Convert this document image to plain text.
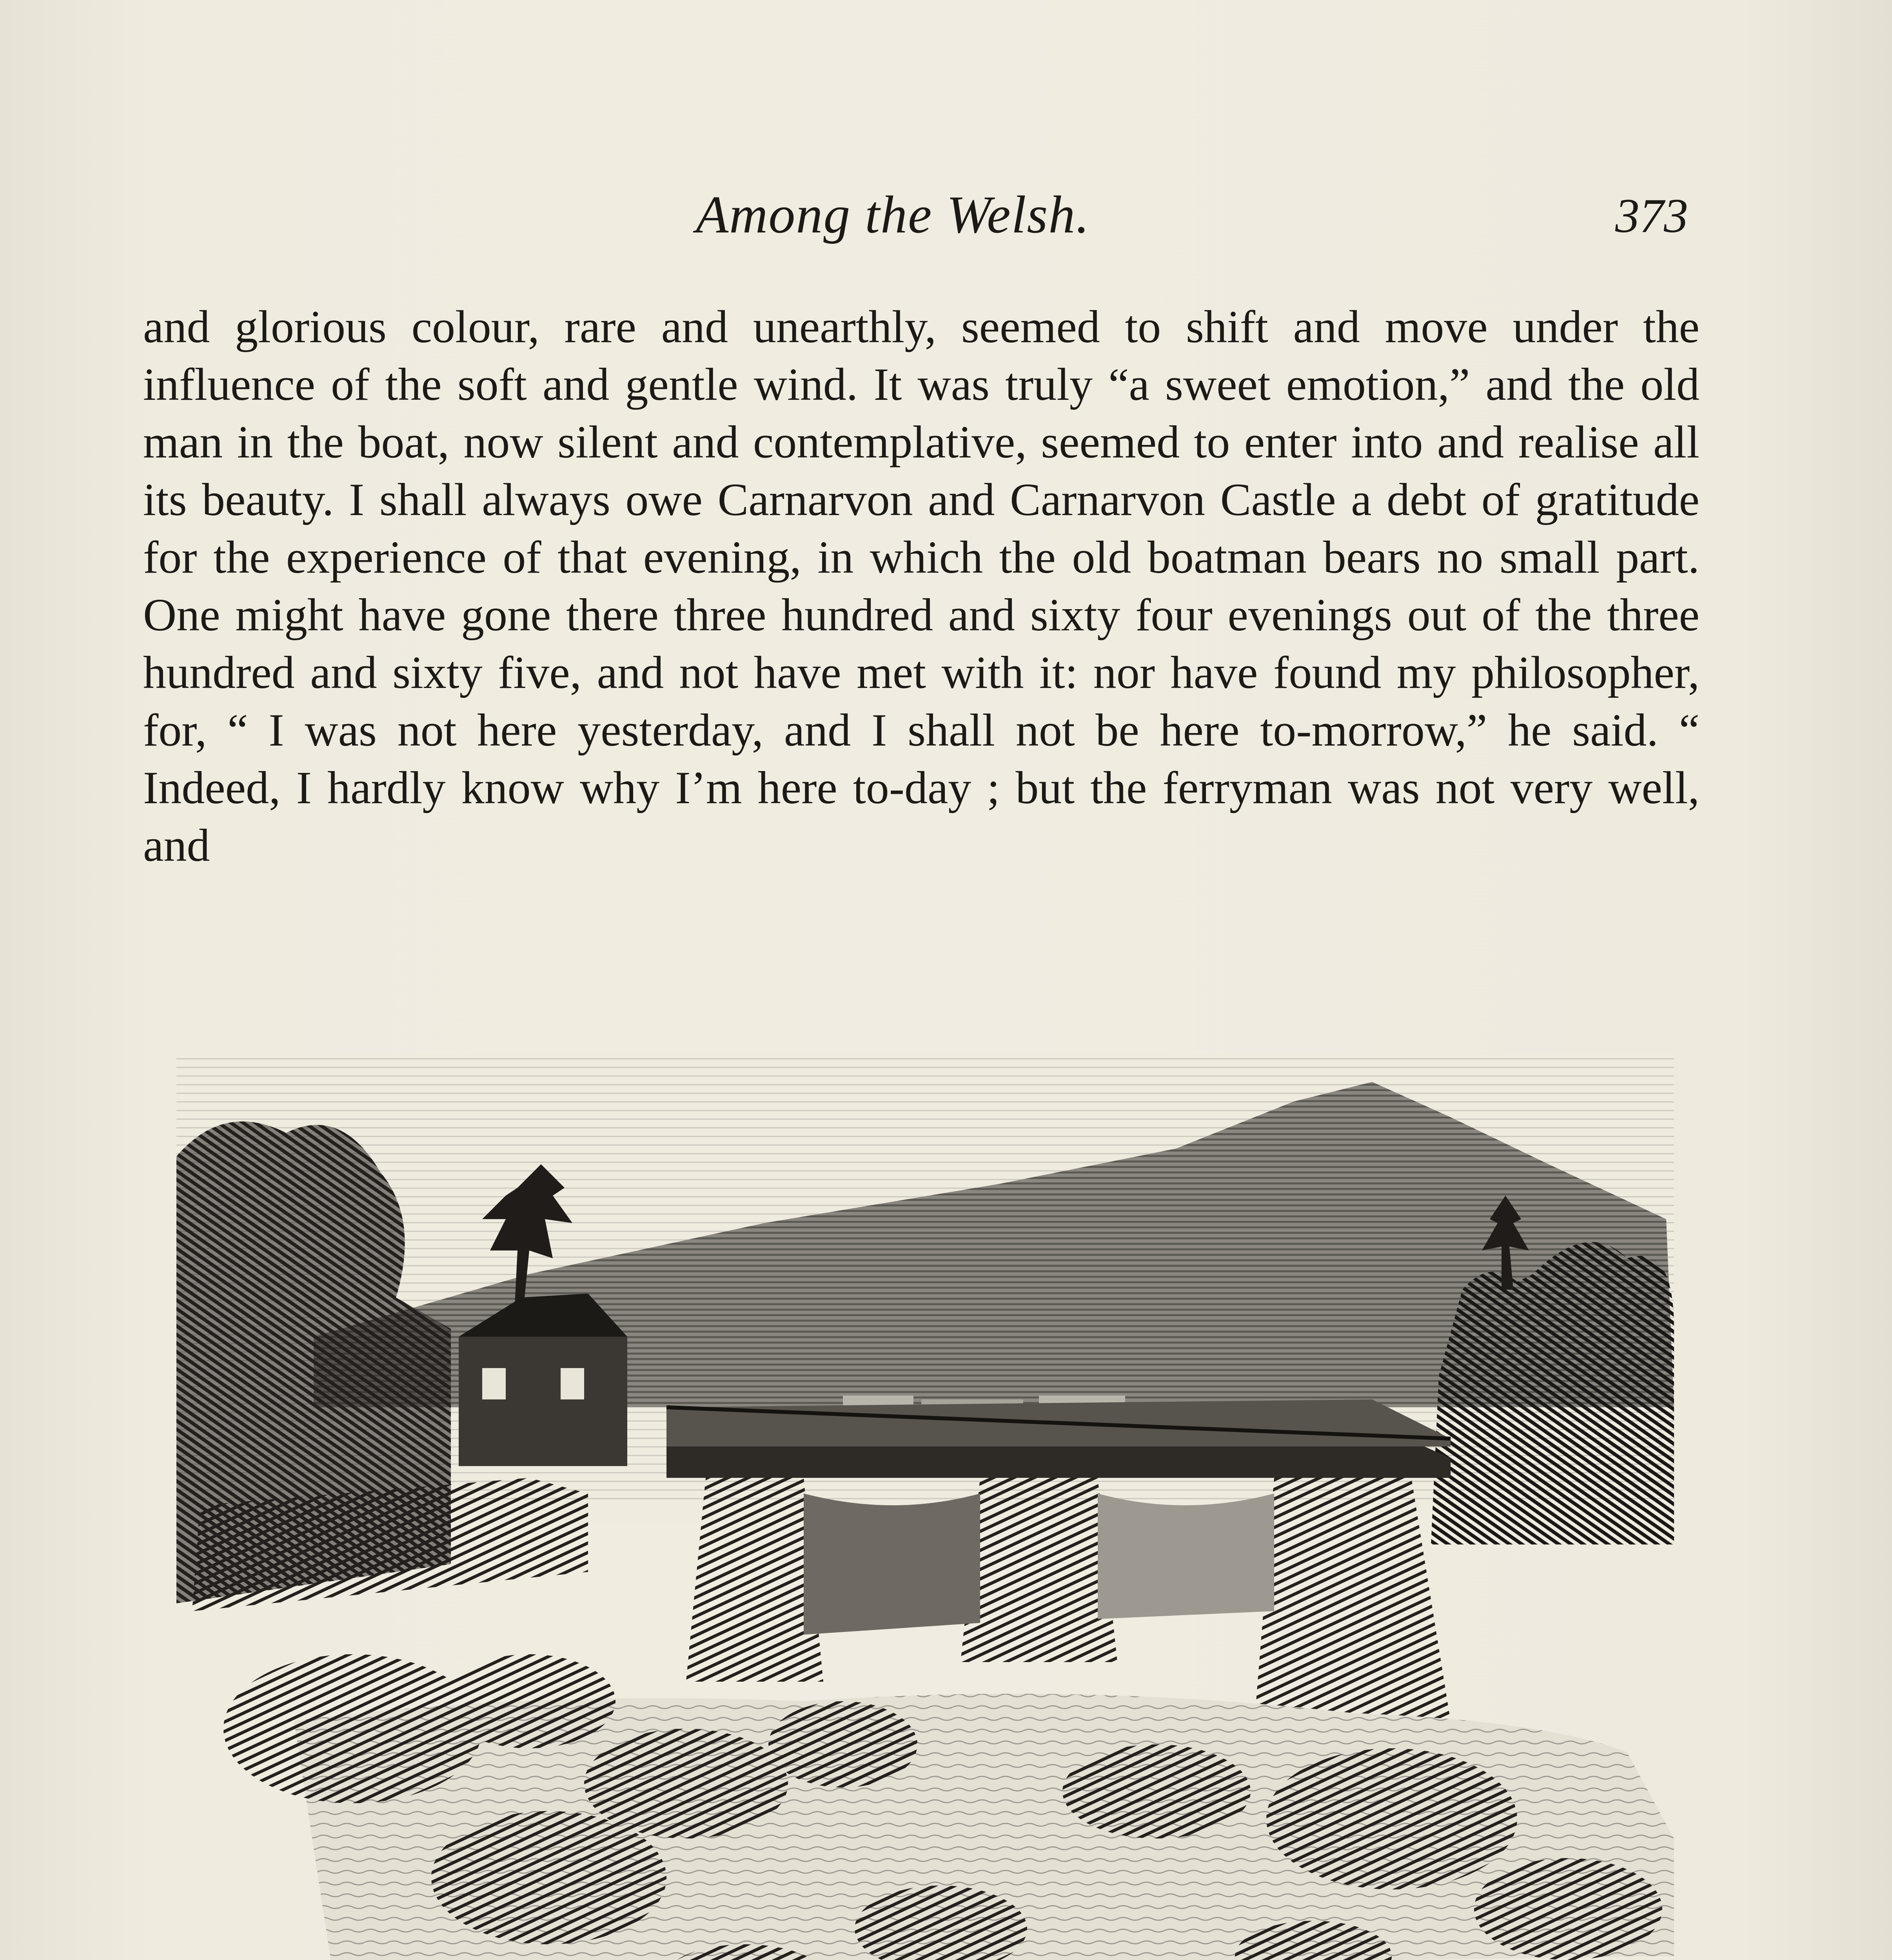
Among the Welsh.	373

and glorious colour, rare and unearthly, seemed to shift and move under the influence of the soft and gentle wind. It was truly “a sweet emotion,” and the old man in the boat, now silent and contemplative, seemed to enter into and realise all its beauty. I shall always owe Carnarvon and Carnarvon Castle a debt of gratitude for the experience of that evening, in which the old boatman bears no small part. One might have gone there three hundred and sixty four evenings out of the three hundred and sixty five, and not have met with it: nor have found my philosopher, for, “ I was not here yesterday, and I shall not be here to-morrow,” he said. “ Indeed, I hardly know why I’m here to-day ; but the ferryman was not very well, and
